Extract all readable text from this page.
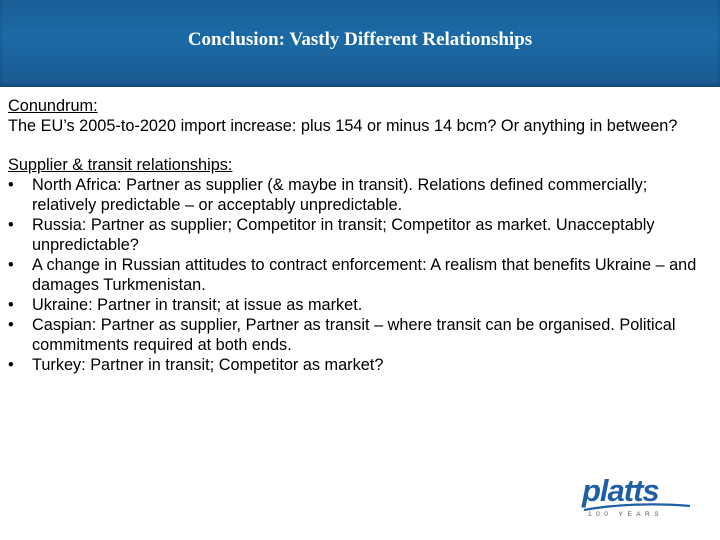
Conclusion: Vastly Different Relationships

Conundrum:

The EU’s 2005-to-2020 import increase: plus 154 or minus 14 bcm? Or anything in between?

Supplier & transit relationships:

• North Africa: Partner as supplier (& maybe in transit). Relations defined commercially; relatively predictable – or acceptably unpredictable.
• Russia: Partner as supplier; Competitor in transit; Competitor as market. Unacceptably unpredictable?
• A change in Russian attitudes to contract enforcement: A realism that benefits Ukraine – and damages Turkmenistan.
• Ukraine: Partner in transit; at issue as market.
• Caspian: Partner as supplier, Partner as transit – where transit can be organised. Political commitments required at both ends.
• Turkey: Partner in transit; Competitor as market?
platts
100 YEARS
